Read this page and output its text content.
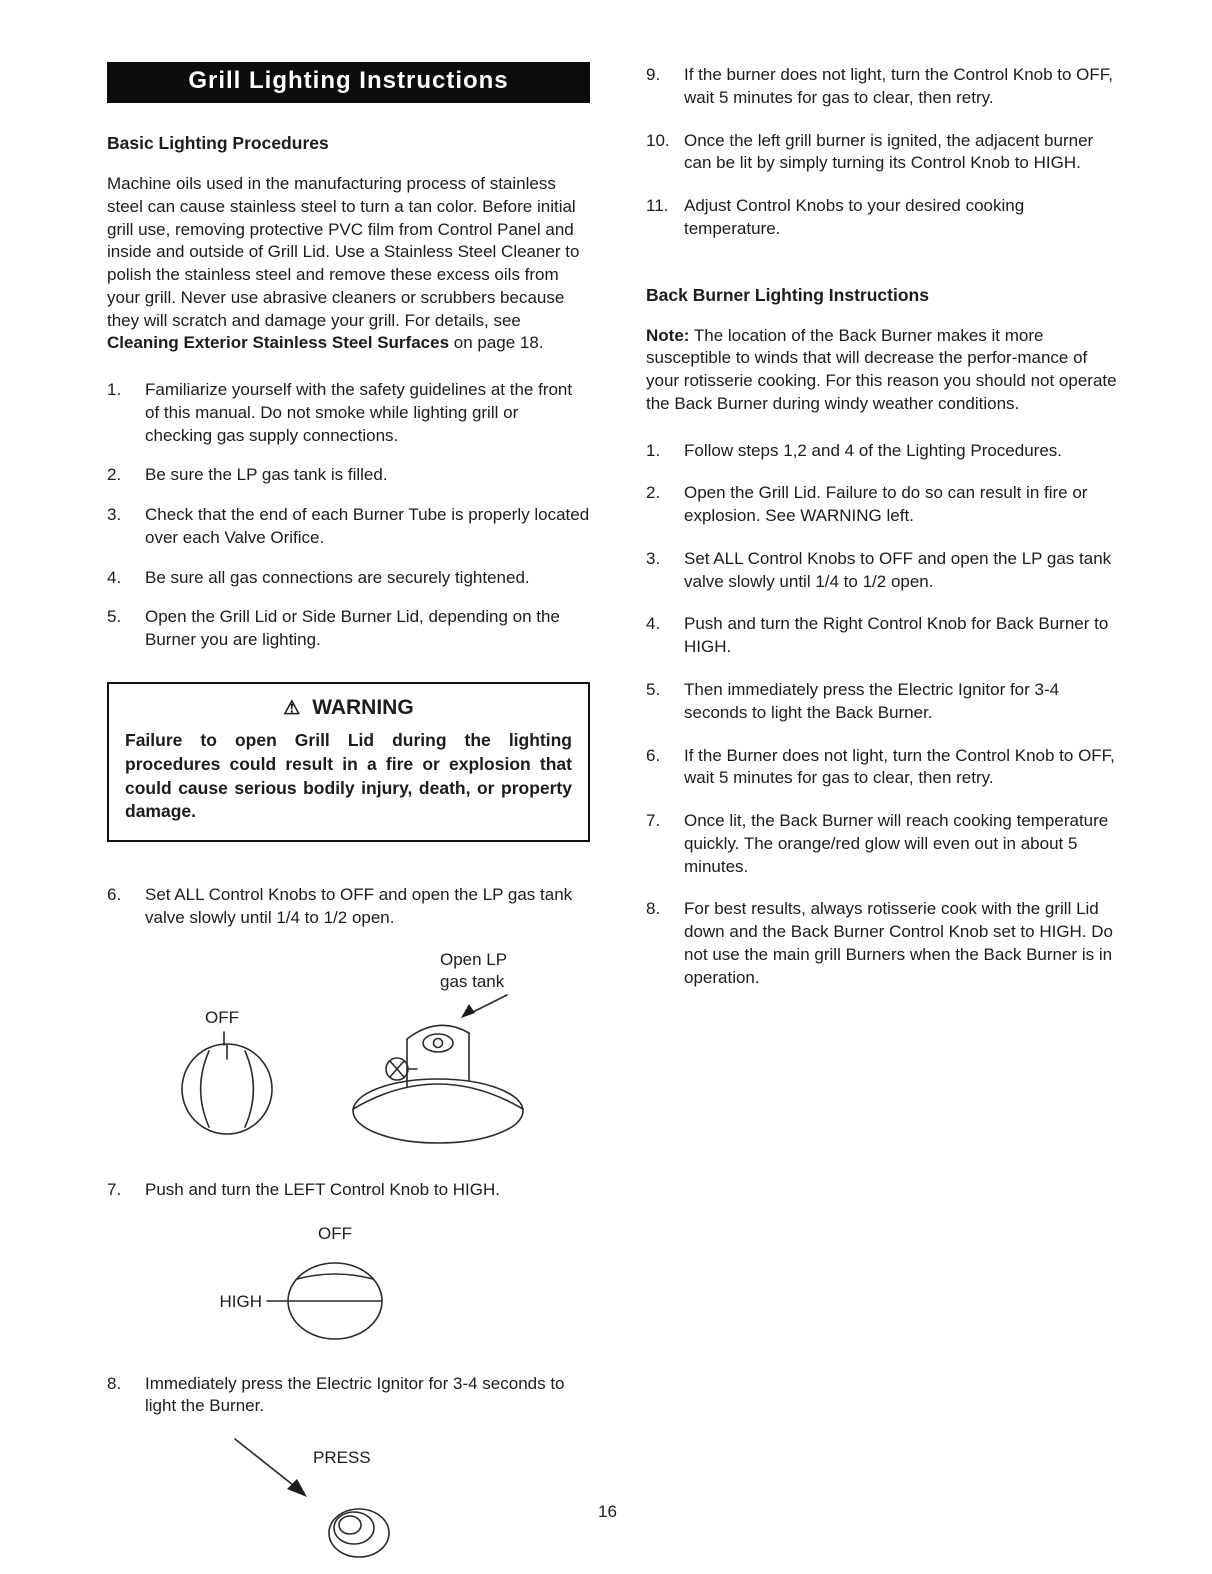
Grill Lighting Instructions
Basic Lighting Procedures

Machine oils used in the manufacturing process of stainless steel can cause stainless steel to turn a tan color. Before initial grill use, removing protective PVC film from Control Panel and inside and outside of Grill Lid. Use a Stainless Steel Cleaner to polish the stainless steel and remove these excess oils from your grill. Never use abrasive cleaners or scrubbers because they will scratch and damage your grill. For details, see Cleaning Exterior Stainless Steel Surfaces on page 18.

1.	Familiarize yourself with the safety guidelines at the front of this manual. Do not smoke while lighting grill or checking gas supply connections.
2.	Be sure the LP gas tank is filled.
3.	Check that the end of each Burner Tube is properly located over each Valve Orifice.
4.	Be sure all gas connections are securely tightened.
5.	Open the Grill Lid or Side Burner Lid, depending on the Burner you are lighting.
⚠ WARNING

Failure to open Grill Lid during the lighting procedures could result in a fire or explosion that could cause serious bodily injury, death, or property damage.

6.	Set ALL Control Knobs to OFF and open the LP gas tank valve slowly until 1/4 to 1/2 open.
Open LP
gas tank
OFF
7.	Push and turn the LEFT Control Knob to HIGH.
OFF
HIGH
8.	Immediately press the Electric Ignitor for 3-4 seconds to light the Burner.
PRESS
9.	If the burner does not light, turn the Control Knob to OFF, wait 5 minutes for gas to clear, then retry.
10. Once the left grill burner is ignited, the adjacent burner can be lit by simply turning its Control Knob to HIGH.
11. Adjust Control Knobs to your desired cooking temperature.
Back Burner Lighting Instructions

Note: The location of the Back Burner makes it more susceptible to winds that will decrease the perfor-mance of your rotisserie cooking. For this reason you should not operate the Back Burner during windy weather conditions.

1.	Follow steps 1,2 and 4 of the Lighting Procedures.
2.	Open the Grill Lid. Failure to do so can result in fire or explosion. See WARNING left.
3.	Set ALL Control Knobs to OFF and open the LP gas tank valve slowly until 1/4 to 1/2 open.
4.	Push and turn the Right Control Knob for Back Burner to HIGH.
5.	Then immediately press the Electric Ignitor for 3-4 seconds to light the Back Burner.
6.	If the Burner does not light, turn the Control Knob to OFF, wait 5 minutes for gas to clear, then retry.
7.	Once lit, the Back Burner will reach cooking temperature quickly. The orange/red glow will even out in about 5 minutes.
8.	For best results, always rotisserie cook with the grill Lid down and the Back Burner Control Knob set to HIGH. Do not use the main grill Burners when the Back Burner is in operation.
16
